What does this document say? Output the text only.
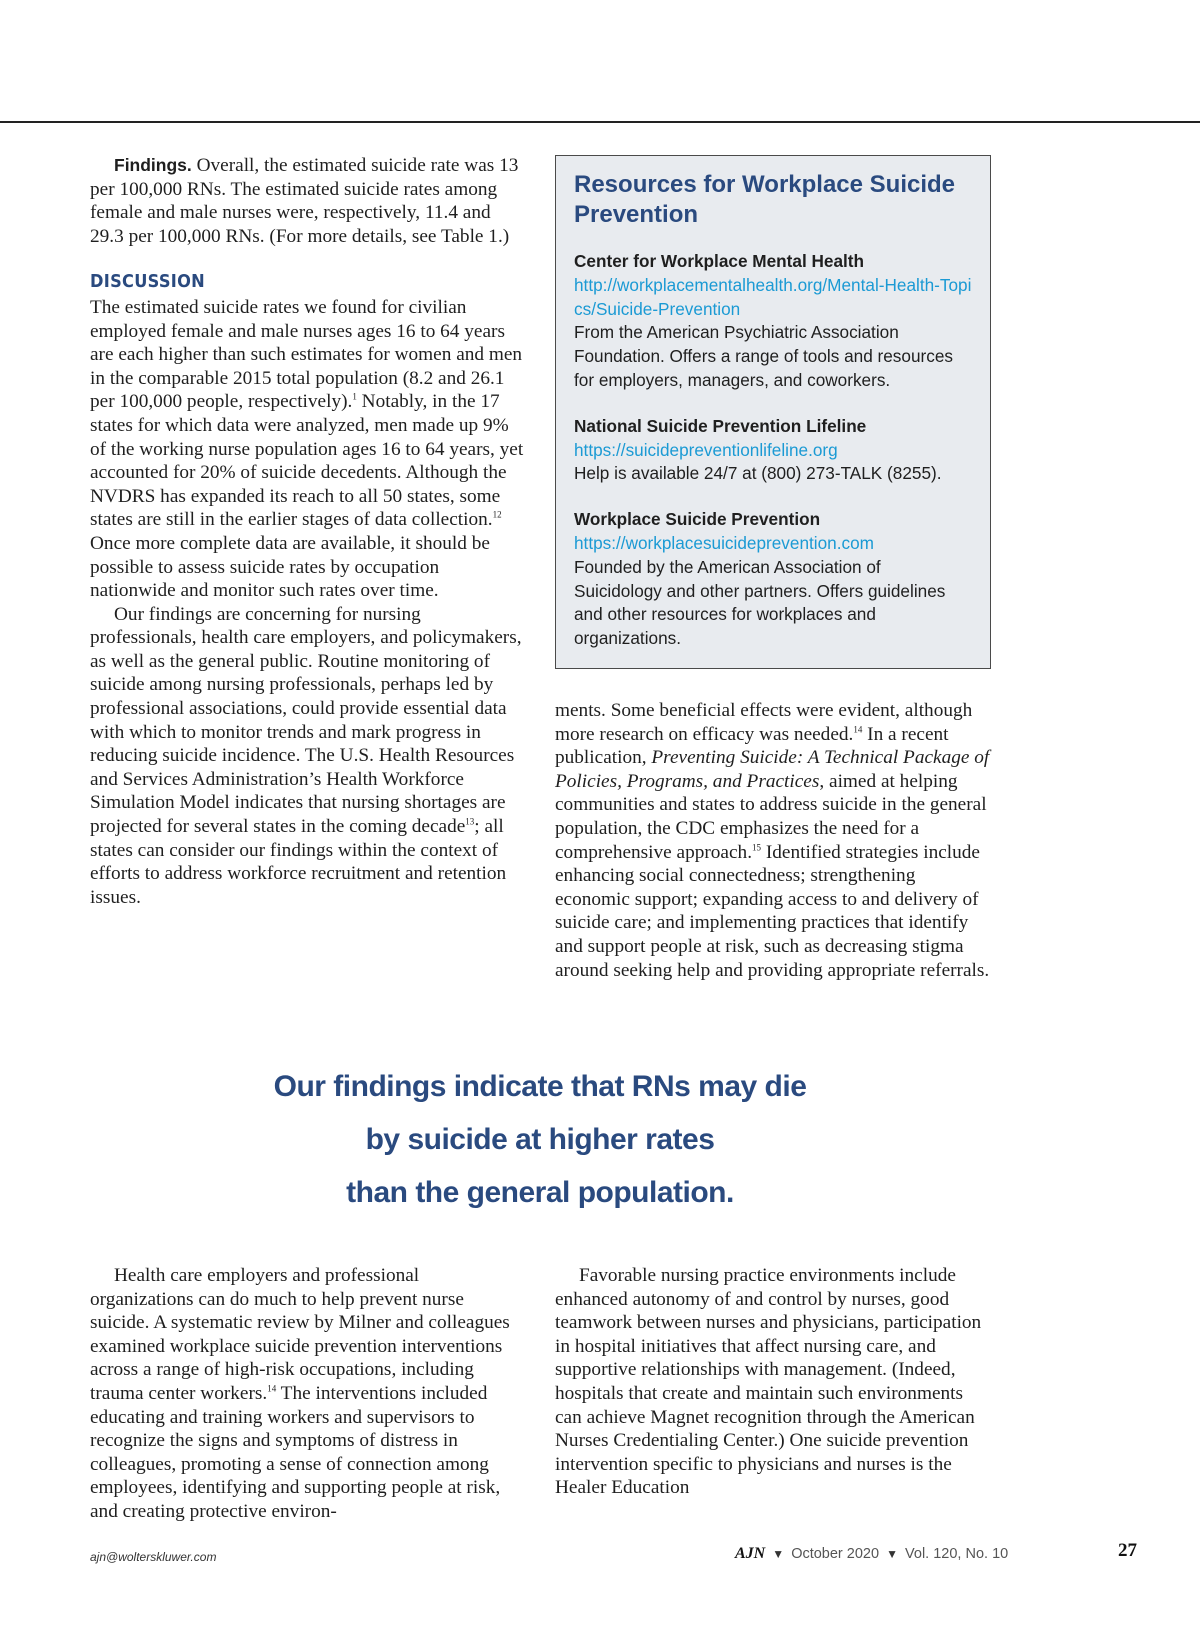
Findings. Overall, the estimated suicide rate was 13 per 100,000 RNs. The estimated suicide rates among female and male nurses were, respectively, 11.4 and 29.3 per 100,000 RNs. (For more details, see Table 1.)

DISCUSSION

The estimated suicide rates we found for civilian employed female and male nurses ages 16 to 64 years are each higher than such estimates for women and men in the comparable 2015 total population (8.2 and 26.1 per 100,000 people, respectively).$^1$ Notably, in the 17 states for which data were analyzed, men made up 9% of the working nurse population ages 16 to 64 years, yet accounted for 20% of suicide decedents. Although the NVDRS has expanded its reach to all 50 states, some states are still in the earlier stages of data collection.$^{12}$ Once more complete data are available, it should be possible to assess suicide rates by occupation nationwide and monitor such rates over time.

Our findings are concerning for nursing professionals, health care employers, and policymakers, as well as the general public. Routine monitoring of suicide among nursing professionals, perhaps led by professional associations, could provide essential data with which to monitor trends and mark progress in reducing suicide incidence. The U.S. Health Resources and Services Administration’s Health Workforce Simulation Model indicates that nursing shortages are projected for several states in the coming decade$^{13}$; all states can consider our findings within the context of efforts to address workforce recruitment and retention issues.

Resources for Workplace Suicide Prevention
Center for Workplace Mental Health
http://workplacementalhealth.org/Mental-Health-Topics/Suicide-Prevention
From the American Psychiatric Association Foundation. Offers a range of tools and resources for employers, managers, and coworkers.
National Suicide Prevention Lifeline
https://suicidepreventionlifeline.org
Help is available 24/7 at (800) 273-TALK (8255).
Workplace Suicide Prevention
https://workplacesuicideprevention.com
Founded by the American Association of Suicidology and other partners. Offers guidelines and other resources for workplaces and organizations.

ments. Some beneficial effects were evident, although more research on efficacy was needed.$^{14}$ In a recent publication, Preventing Suicide: A Technical Package of Policies, Programs, and Practices, aimed at helping communities and states to address suicide in the general population, the CDC emphasizes the need for a comprehensive approach.$^{15}$ Identified strategies include enhancing social connectedness; strengthening economic support; expanding access to and delivery of suicide care; and implementing practices that identify and support people at risk, such as decreasing stigma around seeking help and providing appropriate referrals.

Our findings indicate that RNs may die
by suicide at higher rates
than the general population.

Health care employers and professional organizations can do much to help prevent nurse suicide. A systematic review by Milner and colleagues examined workplace suicide prevention interventions across a range of high-risk occupations, including trauma center workers.$^{14}$ The interventions included educating and training workers and supervisors to recognize the signs and symptoms of distress in colleagues, promoting a sense of connection among employees, identifying and supporting people at risk, and creating protective environ-

Favorable nursing practice environments include enhanced autonomy of and control by nurses, good teamwork between nurses and physicians, participation in hospital initiatives that affect nursing care, and supportive relationships with management. (Indeed, hospitals that create and maintain such environments can achieve Magnet recognition through the American Nurses Credentialing Center.) One suicide prevention intervention specific to physicians and nurses is the Healer Education

ajn@wolterskluwer.com	AJN ▼ October 2020 ▼ Vol. 120, No. 10	27
